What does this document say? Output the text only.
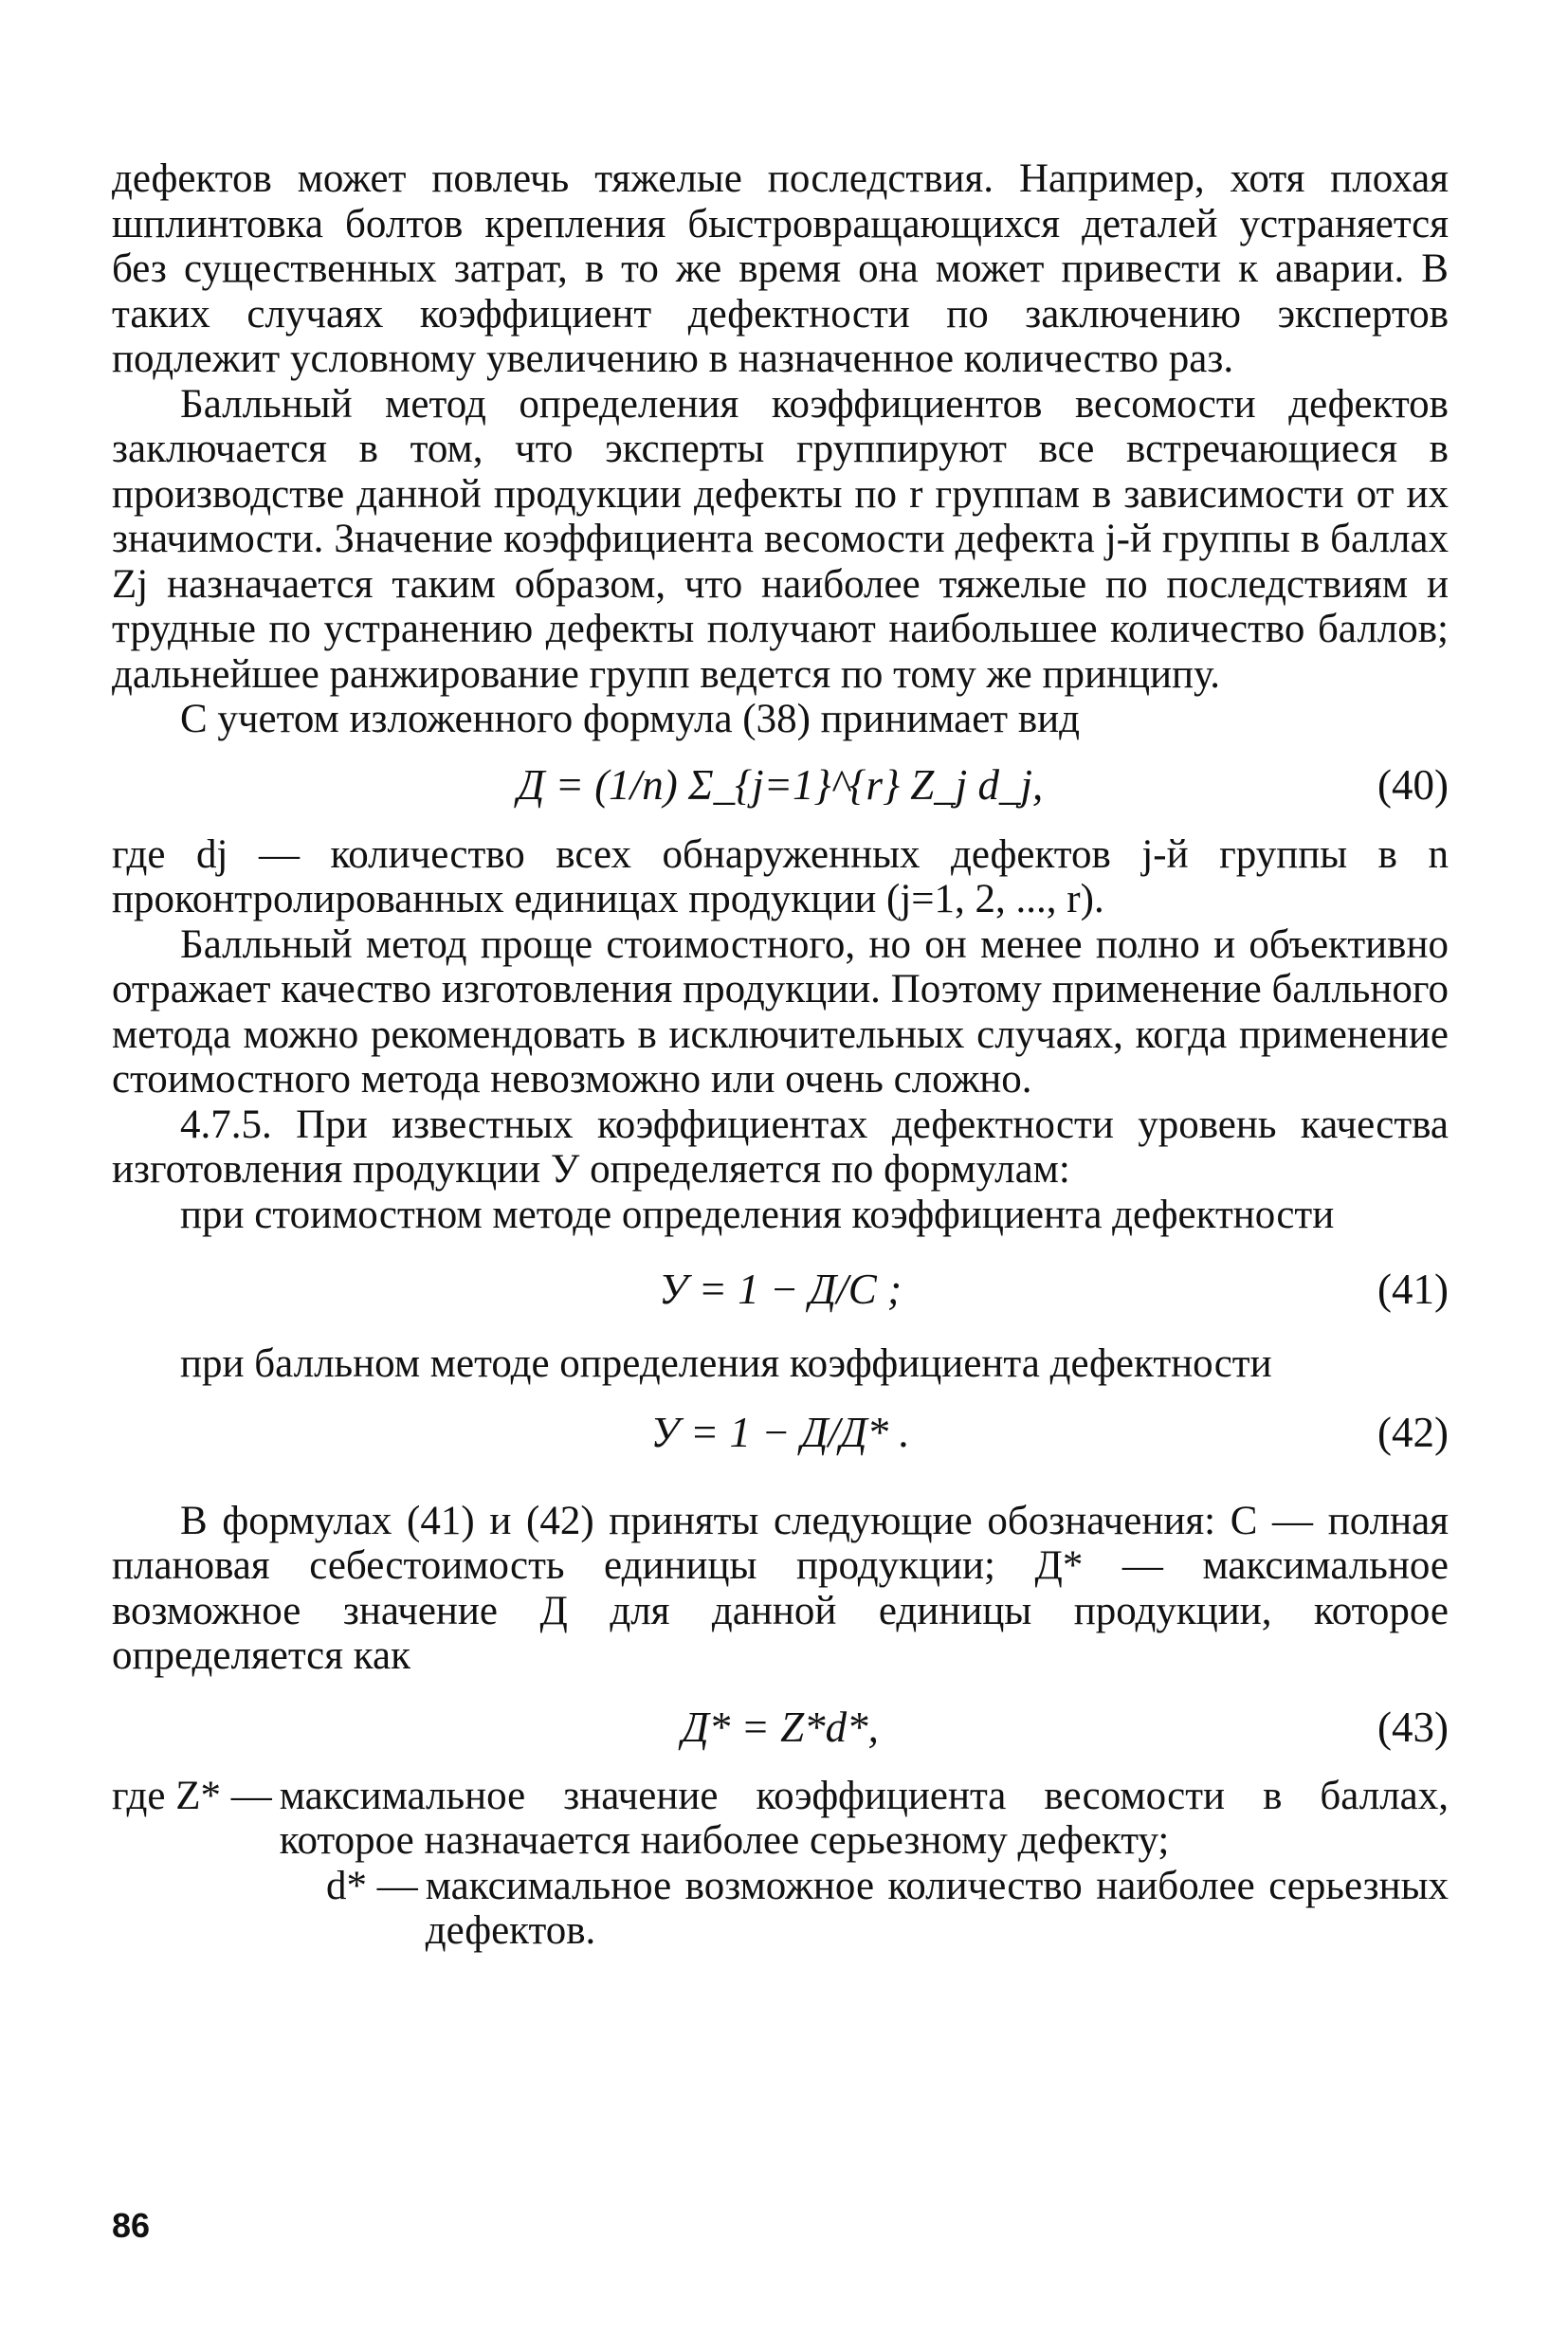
дефектов может повлечь тяжелые последствия. Например, хотя плохая шплинтовка болтов крепления быстровращающихся деталей устраняется без существенных затрат, в то же время она может привести к аварии. В таких случаях коэффициент дефектности по заключению экспертов подлежит условному увеличению в назначенное количество раз.

Балльный метод определения коэффициентов весомости дефектов заключается в том, что эксперты группируют все встречающиеся в производстве данной продукции дефекты по r группам в зависимости от их значимости. Значение коэффициента весомости дефекта j-й группы в баллах Zj назначается таким образом, что наиболее тяжелые по последствиям и трудные по устранению дефекты получают наибольшее количество баллов; дальнейшее ранжирование групп ведется по тому же принципу.

С учетом изложенного формула (38) принимает вид

Д = (1/n) Σ_{j=1}^{r} Z_j d_j,	(40)

где dj — количество всех обнаруженных дефектов j-й группы в n проконтролированных единицах продукции (j=1, 2, ..., r).

Балльный метод проще стоимостного, но он менее полно и объективно отражает качество изготовления продукции. Поэтому применение балльного метода можно рекомендовать в исключительных случаях, когда применение стоимостного метода невозможно или очень сложно.

4.7.5. При известных коэффициентах дефектности уровень качества изготовления продукции У определяется по формулам:

при стоимостном методе определения коэффициента дефектности

У = 1 − Д/С ;	(41)

при балльном методе определения коэффициента дефектности

У = 1 − Д/Д* .	(42)

В формулах (41) и (42) приняты следующие обозначения: С — полная плановая себестоимость единицы продукции; Д* — максимальное возможное значение Д для данной единицы продукции, которое определяется как

Д* = Z*d*,	(43)
где Z* — максимальное значение коэффициента весомости в баллах, которое назначается наиболее серьезному дефекту;
d* — максимальное возможное количество наиболее серьезных дефектов.
86
